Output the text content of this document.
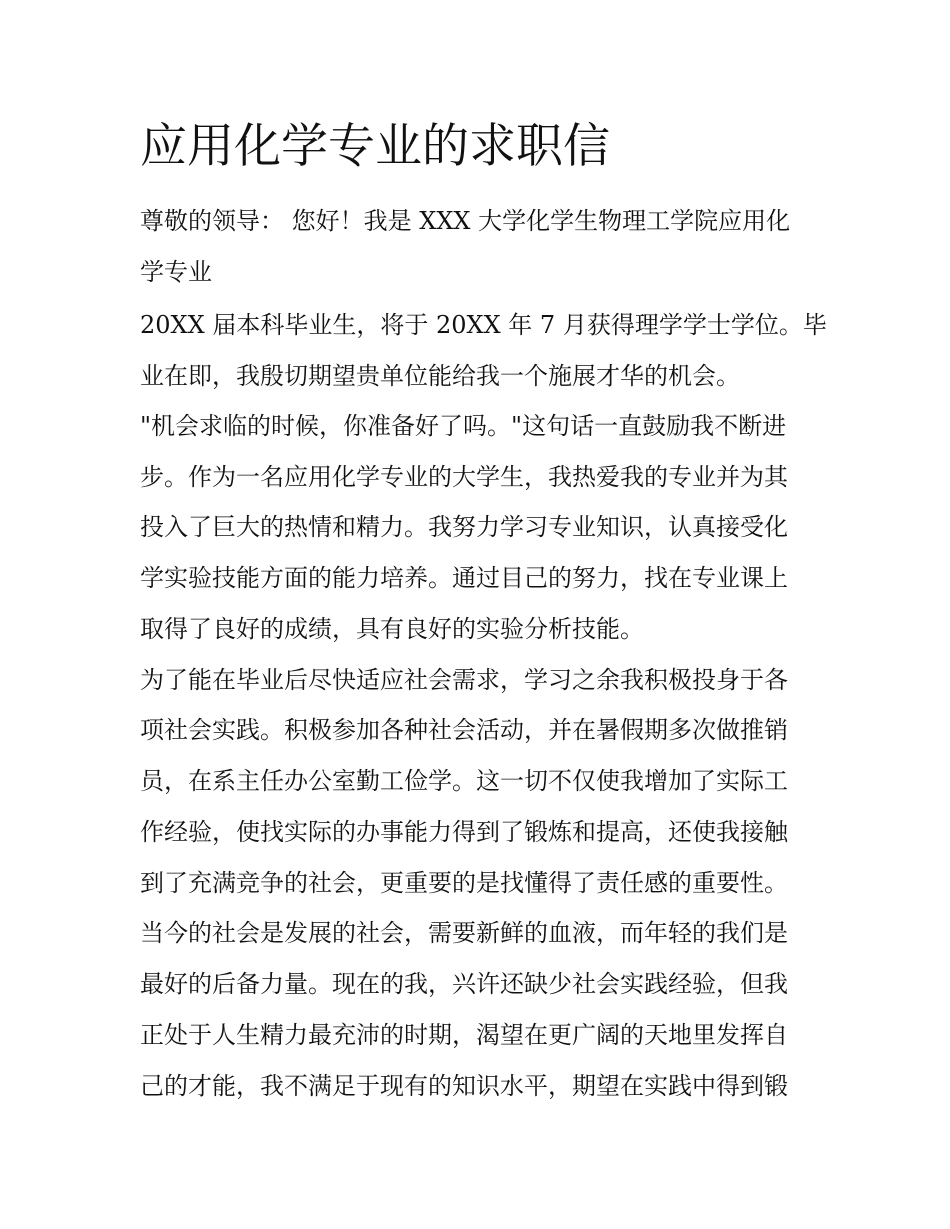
应用化学专业的求职信

尊敬的领导： 您好！我是 XXX 大学化学生物理工学院应用化

学专业

20XX 届本科毕业生，将于 20XX 年 7 月获得理学学士学位。毕

业在即，我殷切期望贵单位能给我一个施展才华的机会。

"机会求临的时候，你准备好了吗。"这句话一直鼓励我不断进

步。作为一名应用化学专业的大学生，我热爱我的专业并为其

投入了巨大的热情和精力。我努力学习专业知识，认真接受化

学实验技能方面的能力培养。通过目己的努力，找在专业课上

取得了良好的成绩，具有良好的实验分析技能。

为了能在毕业后尽快适应社会需求，学习之余我积极投身于各

项社会实践。积极参加各种社会活动，并在暑假期多次做推销

员，在系主任办公室勤工俭学。这一切不仅使我增加了实际工

作经验，使找实际的办事能力得到了锻炼和提高，还使我接触

到了充满竞争的社会，更重要的是找懂得了责任感的重要性。

当今的社会是发展的社会，需要新鲜的血液，而年轻的我们是

最好的后备力量。现在的我，兴许还缺少社会实践经验，但我

正处于人生精力最充沛的时期，渴望在更广阔的天地里发挥自

己的才能，我不满足于现有的知识水平，期望在实践中得到锻
